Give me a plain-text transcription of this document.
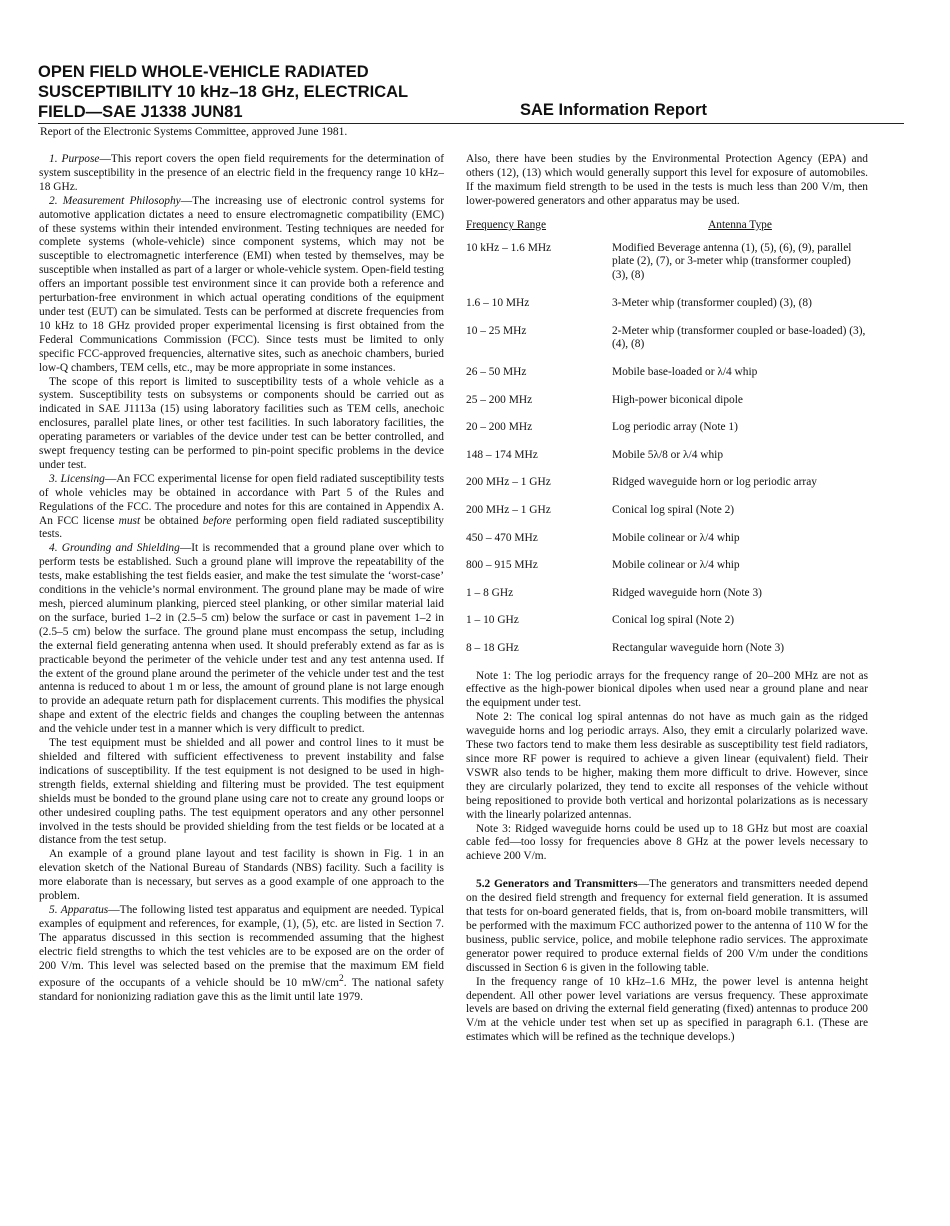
OPEN FIELD WHOLE-VEHICLE RADIATED
SUSCEPTIBILITY 10 kHz–18 GHz, ELECTRICAL
FIELD—SAE J1338 JUN81	SAE Information Report
Report of the Electronic Systems Committee, approved June 1981.

1. Purpose—This report covers the open field requirements for the determination of system susceptibility in the presence of an electric field in the frequency range 10 kHz–18 GHz.

2. Measurement Philosophy—The increasing use of electronic control systems for automotive application dictates a need to ensure electromagnetic compatibility (EMC) of these systems within their intended environment. Testing techniques are needed for complete systems (whole-vehicle) since component systems, which may not be susceptible to electromagnetic interference (EMI) when tested by themselves, may be susceptible when installed as part of a larger or whole-vehicle system. Open-field testing offers an important possible test environment since it can provide both a reference and perturbation-free environment in which actual operating conditions of the equipment under test (EUT) can be simulated. Tests can be performed at discrete frequencies from 10 kHz to 18 GHz provided proper experimental licensing is first obtained from the Federal Communications Commission (FCC). Since tests must be limited to only specific FCC-approved frequencies, alternative sites, such as anechoic chambers, buried low-Q chambers, TEM cells, etc., may be more appropriate in some instances.

The scope of this report is limited to susceptibility tests of a whole vehicle as a system. Susceptibility tests on subsystems or components should be carried out as indicated in SAE J1113a (15) using laboratory facilities such as TEM cells, anechoic enclosures, parallel plate lines, or other test facilities. In such laboratory facilities, the operating parameters or variables of the device under test can be better controlled, and swept frequency testing can be performed to pin-point specific problems in the device under test.

3. Licensing—An FCC experimental license for open field radiated susceptibility tests of whole vehicles may be obtained in accordance with Part 5 of the Rules and Regulations of the FCC. The procedure and notes for this are contained in Appendix A. An FCC license must be obtained before performing open field radiated susceptibility tests.

4. Grounding and Shielding—It is recommended that a ground plane over which to perform tests be established. Such a ground plane will improve the repeatability of the tests, make establishing the test fields easier, and make the test simulate the ‘worst-case’ conditions in the vehicle’s normal environment. The ground plane may be made of wire mesh, pierced aluminum planking, pierced steel planking, or other similar material laid on the surface, buried 1–2 in (2.5–5 cm) below the surface or cast in pavement 1–2 in (2.5–5 cm) below the surface. The ground plane must encompass the setup, including the external field generating antenna when used. It should preferably extend as far as is practicable beyond the perimeter of the vehicle under test and any test antenna used. If the extent of the ground plane around the perimeter of the vehicle under test and the test antenna is reduced to about 1 m or less, the amount of ground plane is not large enough to provide an adequate return path for displacement currents. This modifies the physical shape and extent of the electric fields and changes the coupling between the antennas and the vehicle under test in a manner which is very difficult to predict.

The test equipment must be shielded and all power and control lines to it must be shielded and filtered with sufficient effectiveness to prevent instability and false indications of susceptibility. If the test equipment is not designed to be used in high-strength fields, external shielding and filtering must be provided. The test equipment shields must be bonded to the ground plane using care not to create any ground loops or other undesired coupling paths. The test equipment operators and any other personnel involved in the tests should be provided shielding from the test fields or be located at a distance from the test setup.

An example of a ground plane layout and test facility is shown in Fig. 1 in an elevation sketch of the National Bureau of Standards (NBS) facility. Such a facility is more elaborate than is necessary, but serves as a good example of one approach to the problem.

5. Apparatus—The following listed test apparatus and equipment are needed. Typical examples of equipment and references, for example, (1), (5), etc. are listed in Section 7. The apparatus discussed in this section is recommended assuming that the highest electric field strengths to which the test vehicles are to be exposed are on the order of 200 V/m. This level was selected based on the premise that the maximum EM field exposure of the occupants of a vehicle should be 10 $mW/cm^2$. The national safety standard for nonionizing radiation gave this as the limit until late 1979.

Also, there have been studies by the Environmental Protection Agency (EPA) and others (12), (13) which would generally support this level for exposure of automobiles. If the maximum field strength to be used in the tests is much less than 200 V/m, then lower-powered generators and other apparatus may be used.

Frequency Range	Antenna Type
10 kHz – 1.6 MHz	Modified Beverage antenna (1), (5), (6), (9), parallel plate (2), (7), or 3-meter whip (transformer coupled) (3), (8)
1.6 – 10 MHz	3-Meter whip (transformer coupled) (3), (8)
10 – 25 MHz	2-Meter whip (transformer coupled or base-loaded) (3), (4), (8)
26 – 50 MHz	Mobile base-loaded or λ/4 whip
25 – 200 MHz	High-power biconical dipole
20 – 200 MHz	Log periodic array (Note 1)
148 – 174 MHz	Mobile 5λ/8 or λ/4 whip
200 MHz – 1 GHz	Ridged waveguide horn or log periodic array
200 MHz – 1 GHz	Conical log spiral (Note 2)
450 – 470 MHz	Mobile colinear or λ/4 whip
800 – 915 MHz	Mobile colinear or λ/4 whip
1 – 8 GHz	Ridged waveguide horn (Note 3)
1 – 10 GHz	Conical log spiral (Note 2)
8 – 18 GHz	Rectangular waveguide horn (Note 3)

Note 1: The log periodic arrays for the frequency range of 20–200 MHz are not as effective as the high-power bionical dipoles when used near a ground plane and near the equipment under test.

Note 2: The conical log spiral antennas do not have as much gain as the ridged waveguide horns and log periodic arrays. Also, they emit a circularly polarized wave. These two factors tend to make them less desirable as susceptibility test field radiators, since more RF power is required to achieve a given linear (equivalent) field. Their VSWR also tends to be higher, making them more difficult to drive. However, since they are circularly polarized, they tend to excite all responses of the vehicle without being repositioned to provide both vertical and horizontal polarizations as is necessary with the linearly polarized antennas.

Note 3: Ridged waveguide horns could be used up to 18 GHz but most are coaxial cable fed—too lossy for frequencies above 8 GHz at the power levels necessary to achieve 200 V/m.

5.2 Generators and Transmitters—The generators and transmitters needed depend on the desired field strength and frequency for external field generation. It is assumed that tests for on-board generated fields, that is, from on-board mobile transmitters, will be performed with the maximum FCC authorized power to the antenna of 110 W for the business, public service, police, and mobile telephone radio services. The approximate generator power required to produce external fields of 200 V/m under the conditions discussed in Section 6 is given in the following table.

In the frequency range of 10 kHz–1.6 MHz, the power level is antenna height dependent. All other power level variations are versus frequency. These approximate levels are based on driving the external field generating (fixed) antennas to produce 200 V/m at the vehicle under test when set up as specified in paragraph 6.1. (These are estimates which will be refined as the technique develops.)
